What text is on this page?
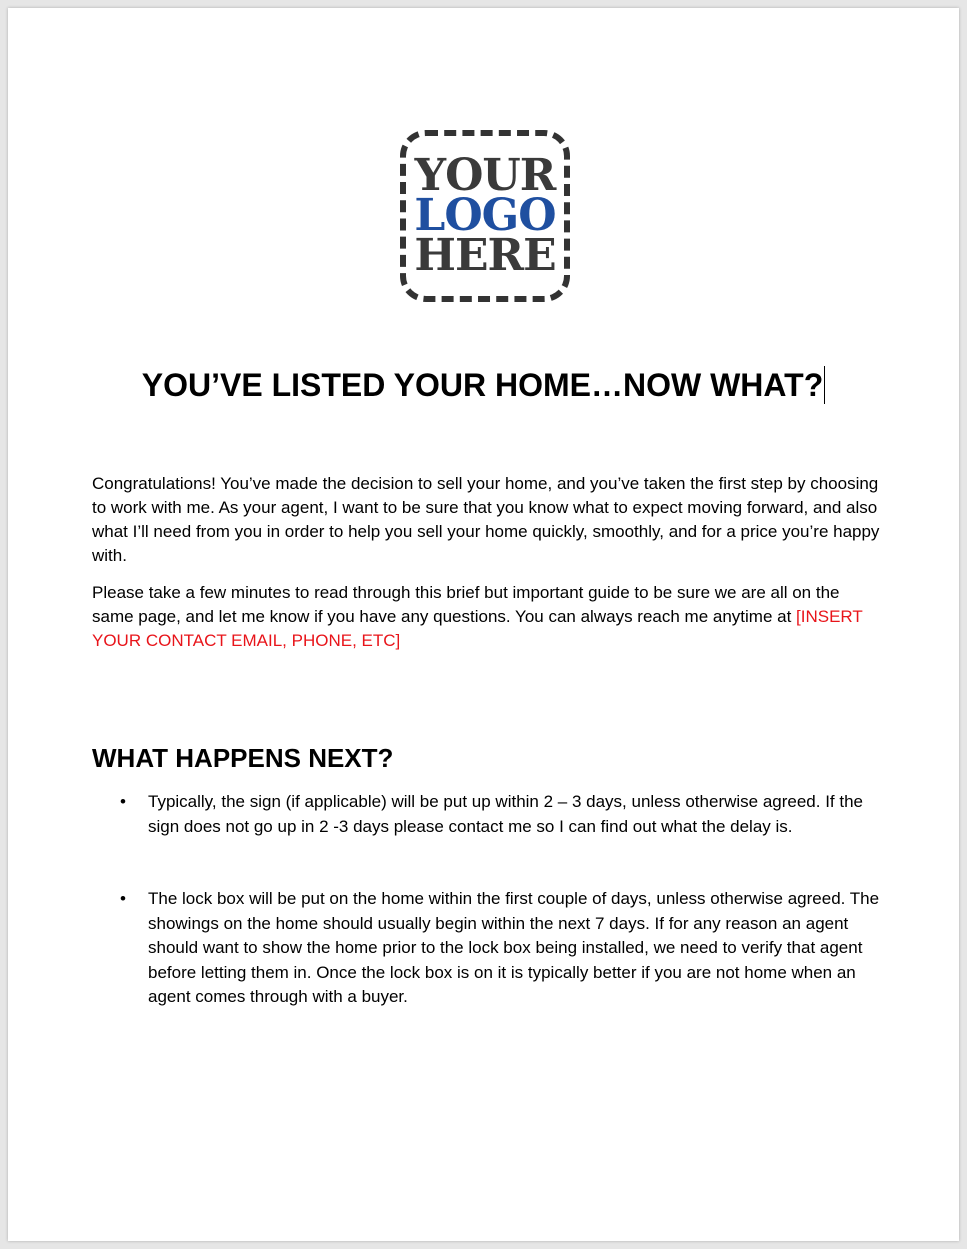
YOUR
LOGO
HERE
YOU’VE LISTED YOUR HOME…NOW WHAT?

Congratulations! You’ve made the decision to sell your home, and you’ve taken the first step by choosing to work with me. As your agent, I want to be sure that you know what to expect moving forward, and also what I’ll need from you in order to help you sell your home quickly, smoothly, and for a price you’re happy with.

Please take a few minutes to read through this brief but important guide to be sure we are all on the same page, and let me know if you have any questions. You can always reach me anytime at [INSERT YOUR CONTACT EMAIL, PHONE, ETC]

WHAT HAPPENS NEXT?

• Typically, the sign (if applicable) will be put up within 2 – 3 days, unless otherwise agreed. If the sign does not go up in 2 -3 days please contact me so I can find out what the delay is.

• The lock box will be put on the home within the first couple of days, unless otherwise agreed. The showings on the home should usually begin within the next 7 days. If for any reason an agent should want to show the home prior to the lock box being installed, we need to verify that agent before letting them in. Once the lock box is on it is typically better if you are not home when an agent comes through with a buyer.
